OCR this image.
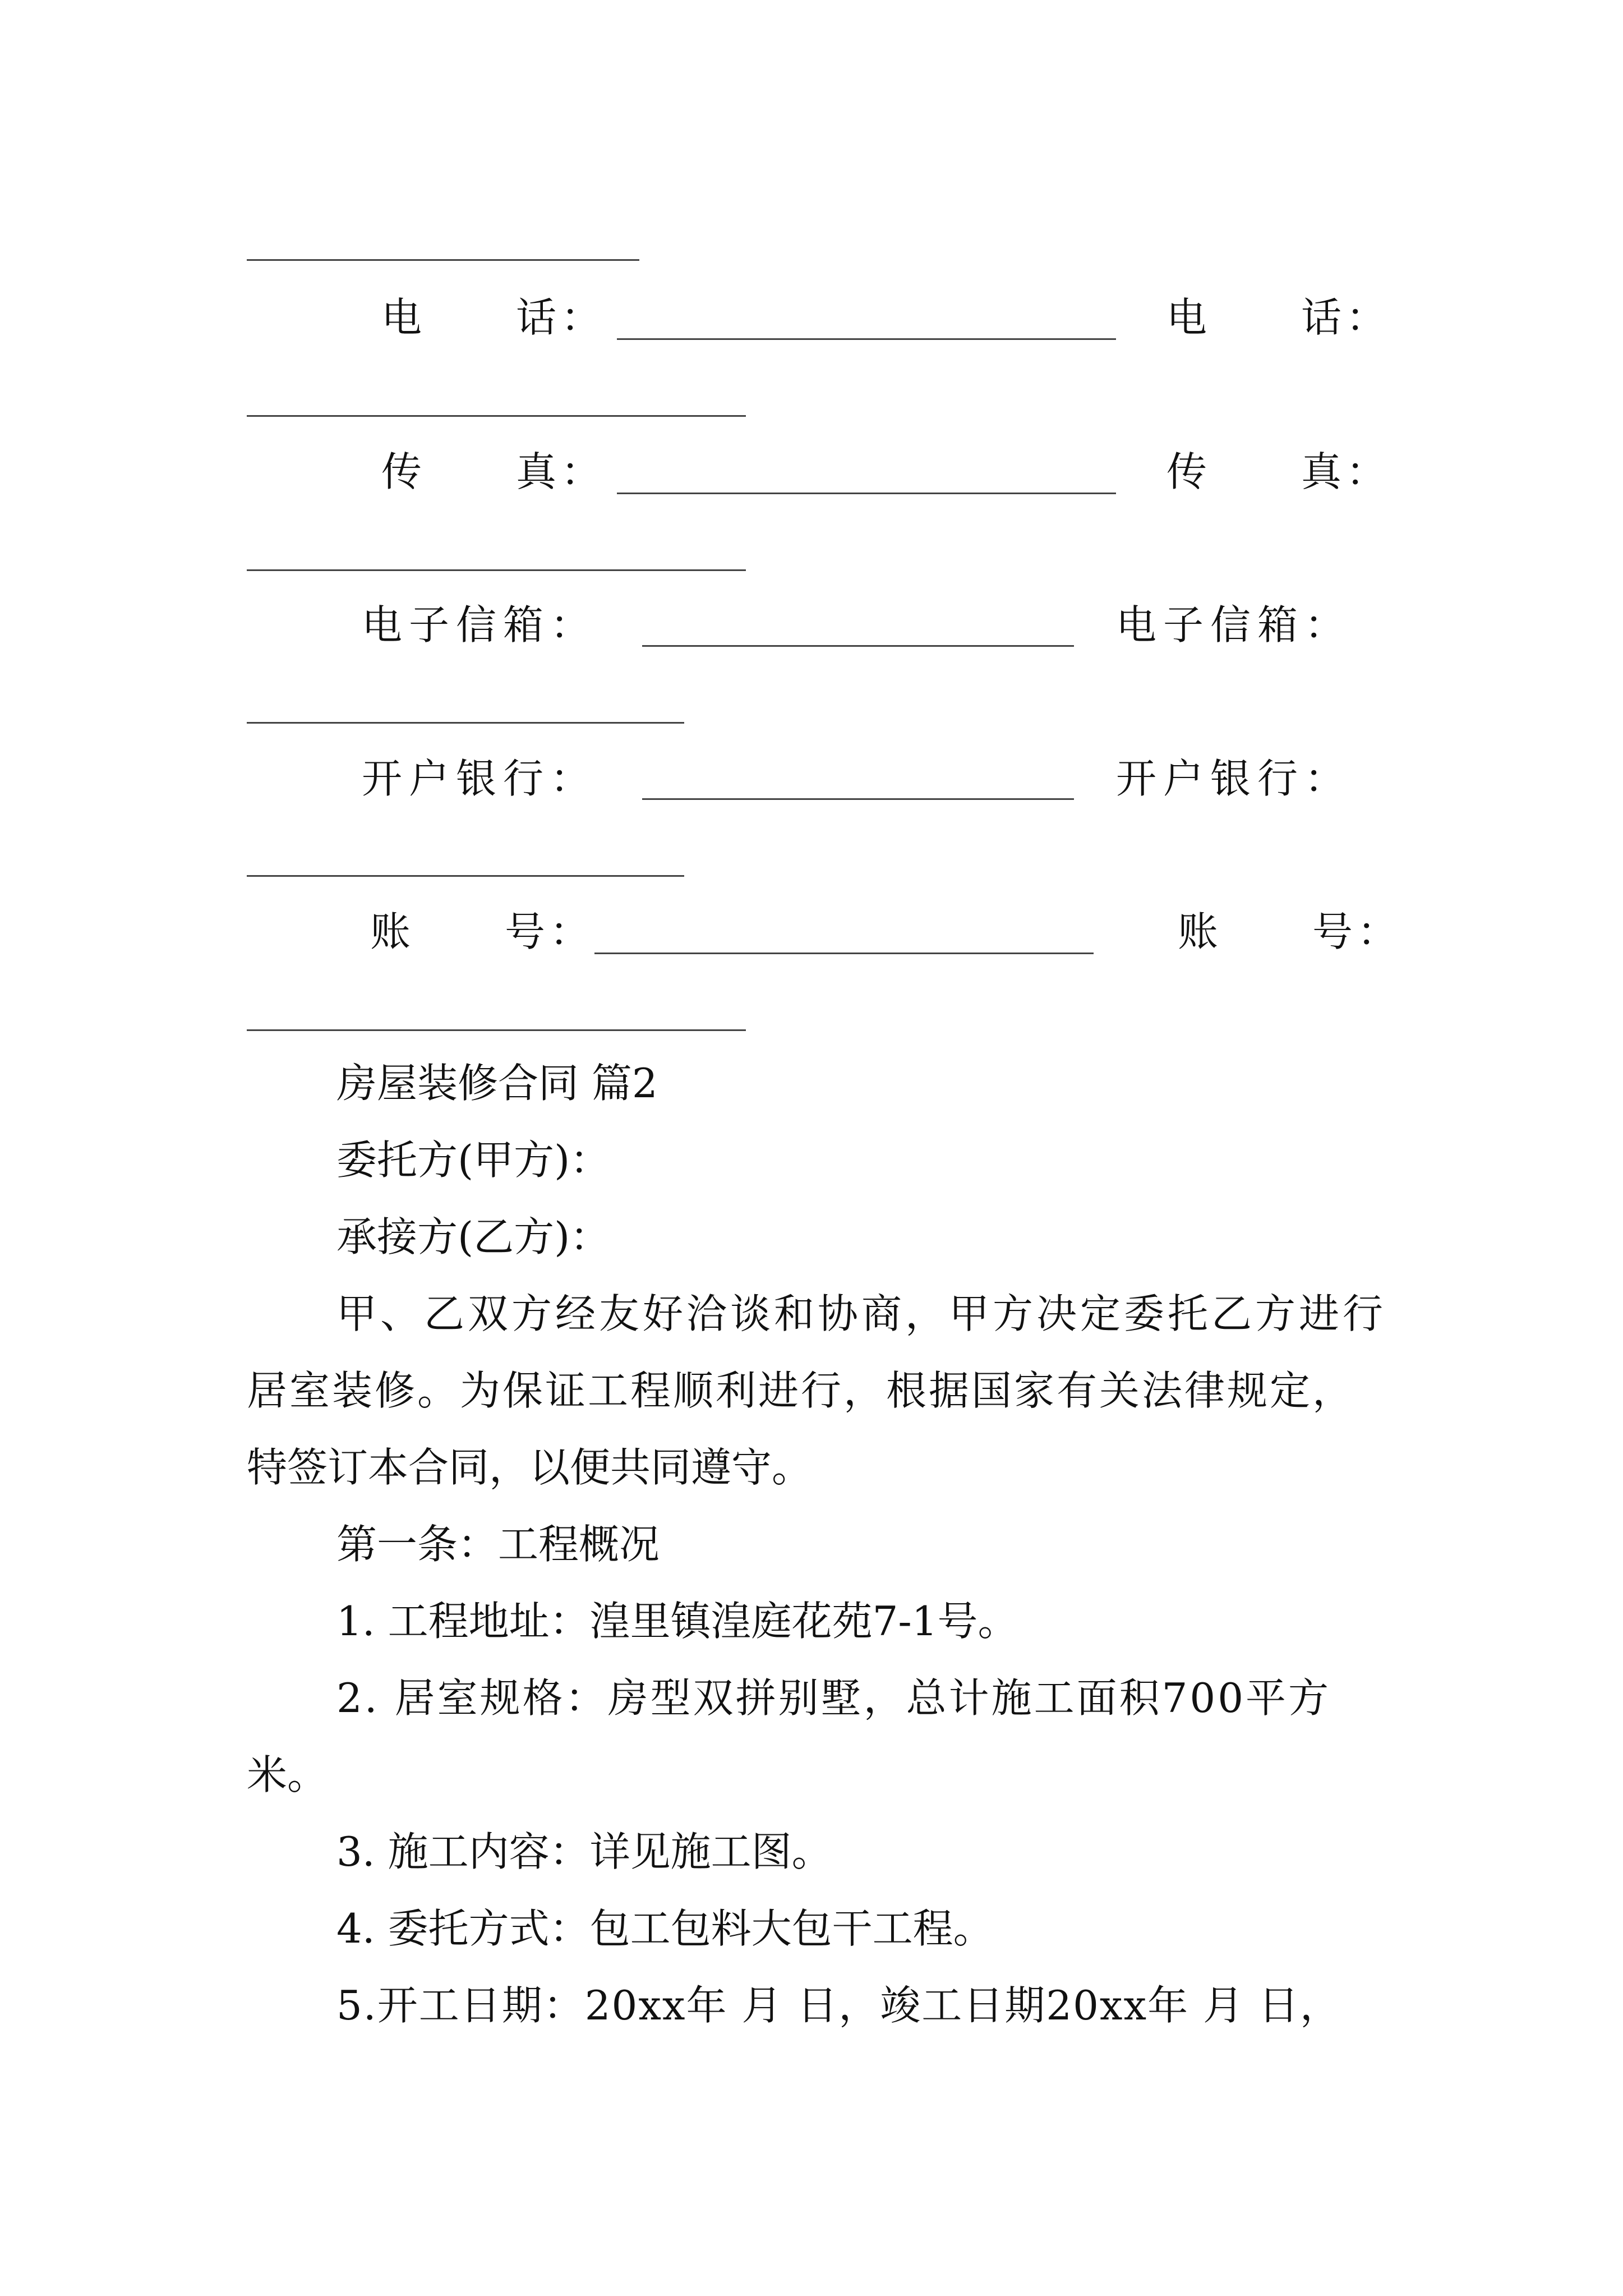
电　　话：	电　　话：
传　　真：	传　　真：
电子信箱：	电子信箱：
开户银行：	开户银行：
账　　号：	账　　号：
房屋装修合同 篇2
委托方(甲方)：
承接方(乙方)：
甲、乙双方经友好洽谈和协商，甲方决定委托乙方进行
居室装修。为保证工程顺利进行，根据国家有关法律规定，
特签订本合同，以便共同遵守。
第一条：工程概况
1. 工程地址：湟里镇湟庭花苑7-1号。
2. 居室规格：房型双拼别墅，总计施工面积700平方
米。
3. 施工内容：详见施工图。
4. 委托方式：包工包料大包干工程。
5.开工日期：20xx年 月 日，竣工日期20xx年 月 日，
